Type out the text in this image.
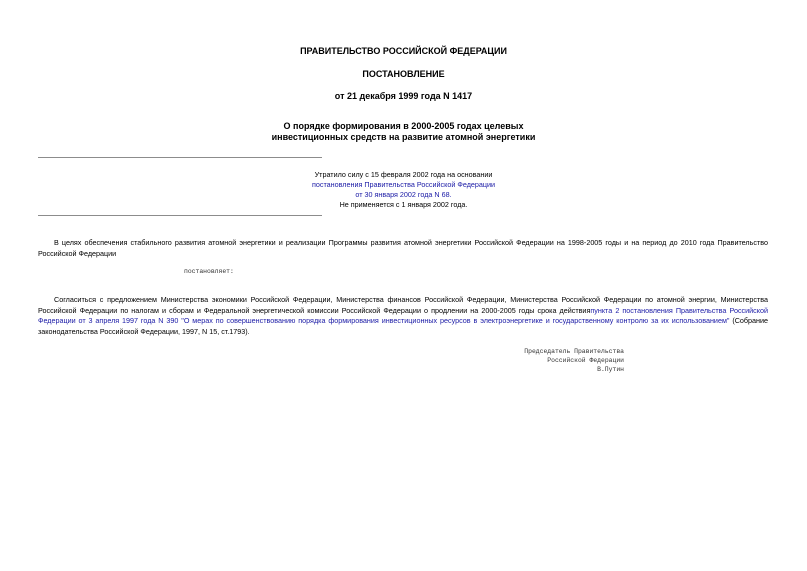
ПРАВИТЕЛЬСТВО РОССИЙСКОЙ ФЕДЕРАЦИИ
ПОСТАНОВЛЕНИЕ
от 21 декабря 1999 года N 1417
О порядке формирования в 2000-2005 годах целевых
инвестиционных средств на развитие атомной энергетики
Утратило силу с 15 февраля 2002 года на основании
постановления Правительства Российской Федерации
от 30 января 2002 года N 68.
Не применяется с 1 января 2002 года.
В целях обеспечения стабильного развития атомной энергетики и реализации Программы развития атомной энергетики Российской Федерации на 1998-2005 годы и на период до 2010 года Правительство Российской Федерации
постановляет:
Согласиться с предложением Министерства экономики Российской Федерации, Министерства финансов Российской Федерации, Министерства Российской Федерации по атомной энергии, Министерства Российской Федерации по налогам и сборам и Федеральной энергетической комиссии Российской Федерации о продлении на 2000-2005 годы срока действияпункта 2 постановления Правительства Российской Федерации от 3 апреля 1997 года N 390 "О мерах по совершенствованию порядка формирования инвестиционных ресурсов в электроэнергетике и государственному контролю за их использованием" (Собрание законодательства Российской Федерации, 1997, N 15, ст.1793).
Председатель Правительства
Российской Федерации
В.Путин
